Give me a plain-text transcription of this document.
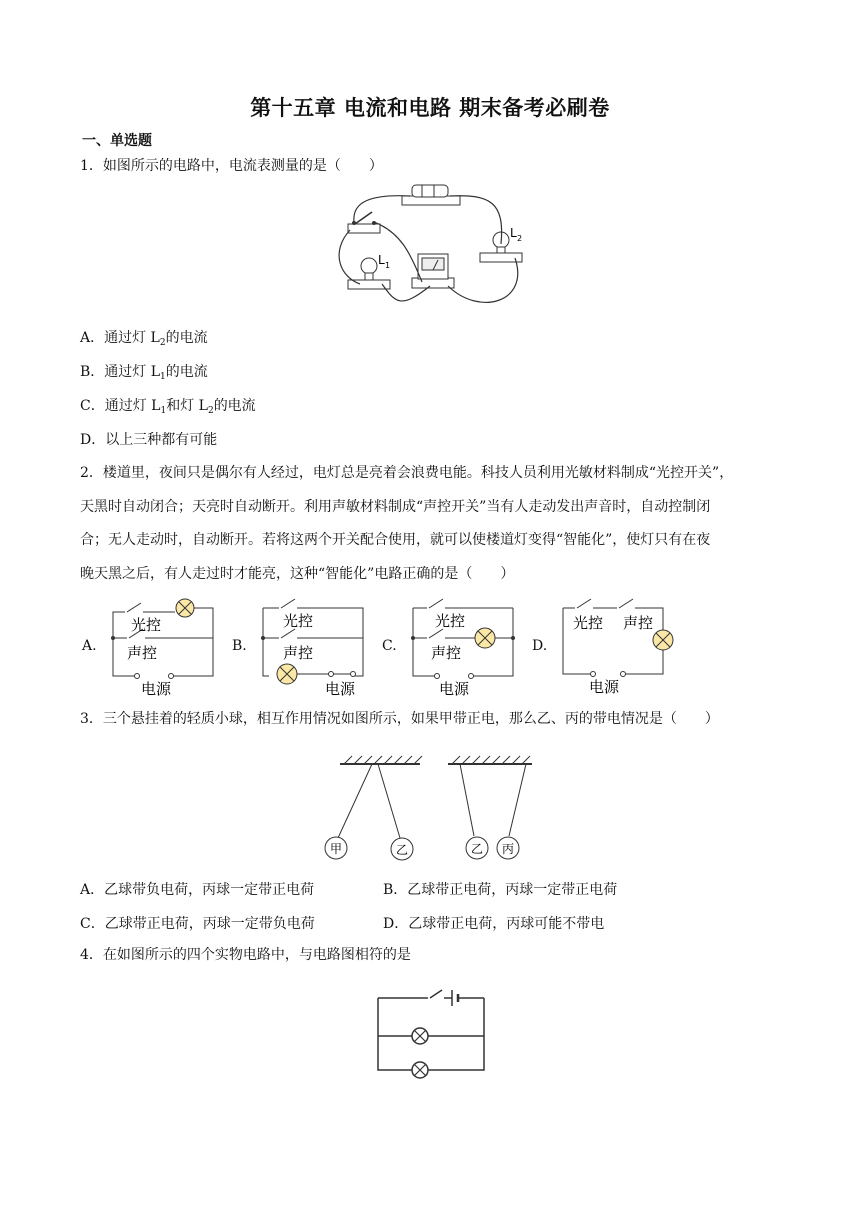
第十五章 电流和电路 期末备考必刷卷
一、单选题
1．如图所示的电路中，电流表测量的是（　　）
L 2
L 1
A．通过灯 $L_2$的电流
B．通过灯 $L_1$的电流
C．通过灯 $L_1$和灯 $L_2$的电流
D．以上三种都有可能
2．楼道里，夜间只是偶尔有人经过，电灯总是亮着会浪费电能。科技人员利用光敏材料制成“光控开关”，
天黑时自动闭合；天亮时自动断开。利用声敏材料制成“声控开关”当有人走动发出声音时，自动控制闭
合；无人走动时，自动断开。若将这两个开关配合使用，就可以使楼道灯变得“智能化”，使灯只有在夜
晚天黑之后，有人走过时才能亮，这种“智能化”电路正确的是（　　）
A.
光控
声控
电源
B.
光控
声控
电源
C.
光控
声控
电源
D.
光控 声控
电源
3．三个悬挂着的轻质小球，相互作用情况如图所示，如果甲带正电，那么乙、丙的带电情况是（　　）
甲	乙	乙 丙
A．乙球带负电荷，丙球一定带正电荷	B．乙球带正电荷，丙球一定带正电荷
C．乙球带正电荷，丙球一定带负电荷	D．乙球带正电荷，丙球可能不带电
4．在如图所示的四个实物电路中，与电路图相符的是
